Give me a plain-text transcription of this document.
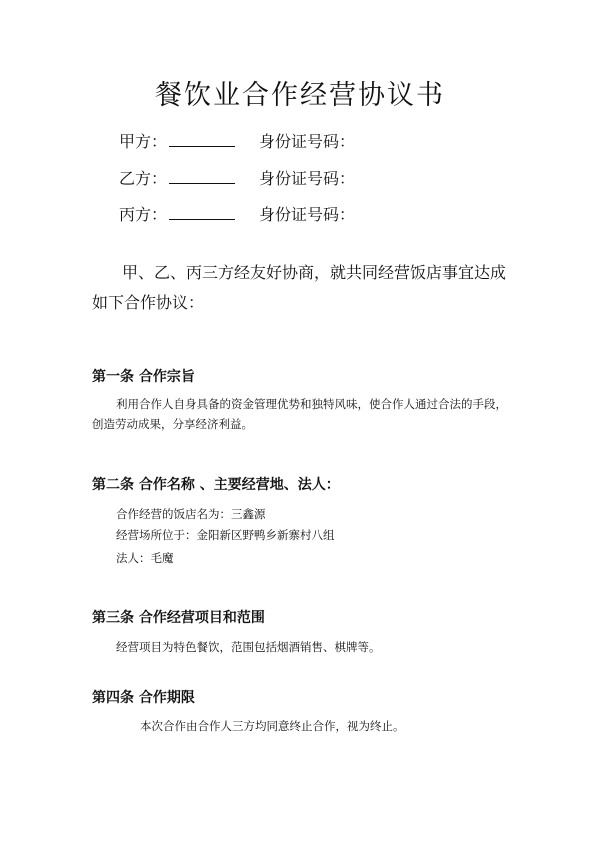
餐饮业合作经营协议书
甲方：	身份证号码：
乙方：	身份证号码：
丙方：	身份证号码：
甲、乙、丙三方经友好协商，就共同经营饭店事宜达成
如下合作协议：
第一条 合作宗旨
利用合作人自身具备的资金管理优势和独特风味，使合作人通过合法的手段，
创造劳动成果，分享经济利益。
第二条 合作名称 、主要经营地、法人：
合作经营的饭店名为：三鑫源
经营场所位于：金阳新区野鸭乡新寨村八组
法人：毛魔
第三条 合作经营项目和范围
经营项目为特色餐饮，范围包括烟酒销售、棋牌等。
第四条 合作期限
本次合作由合作人三方均同意终止合作，视为终止。
